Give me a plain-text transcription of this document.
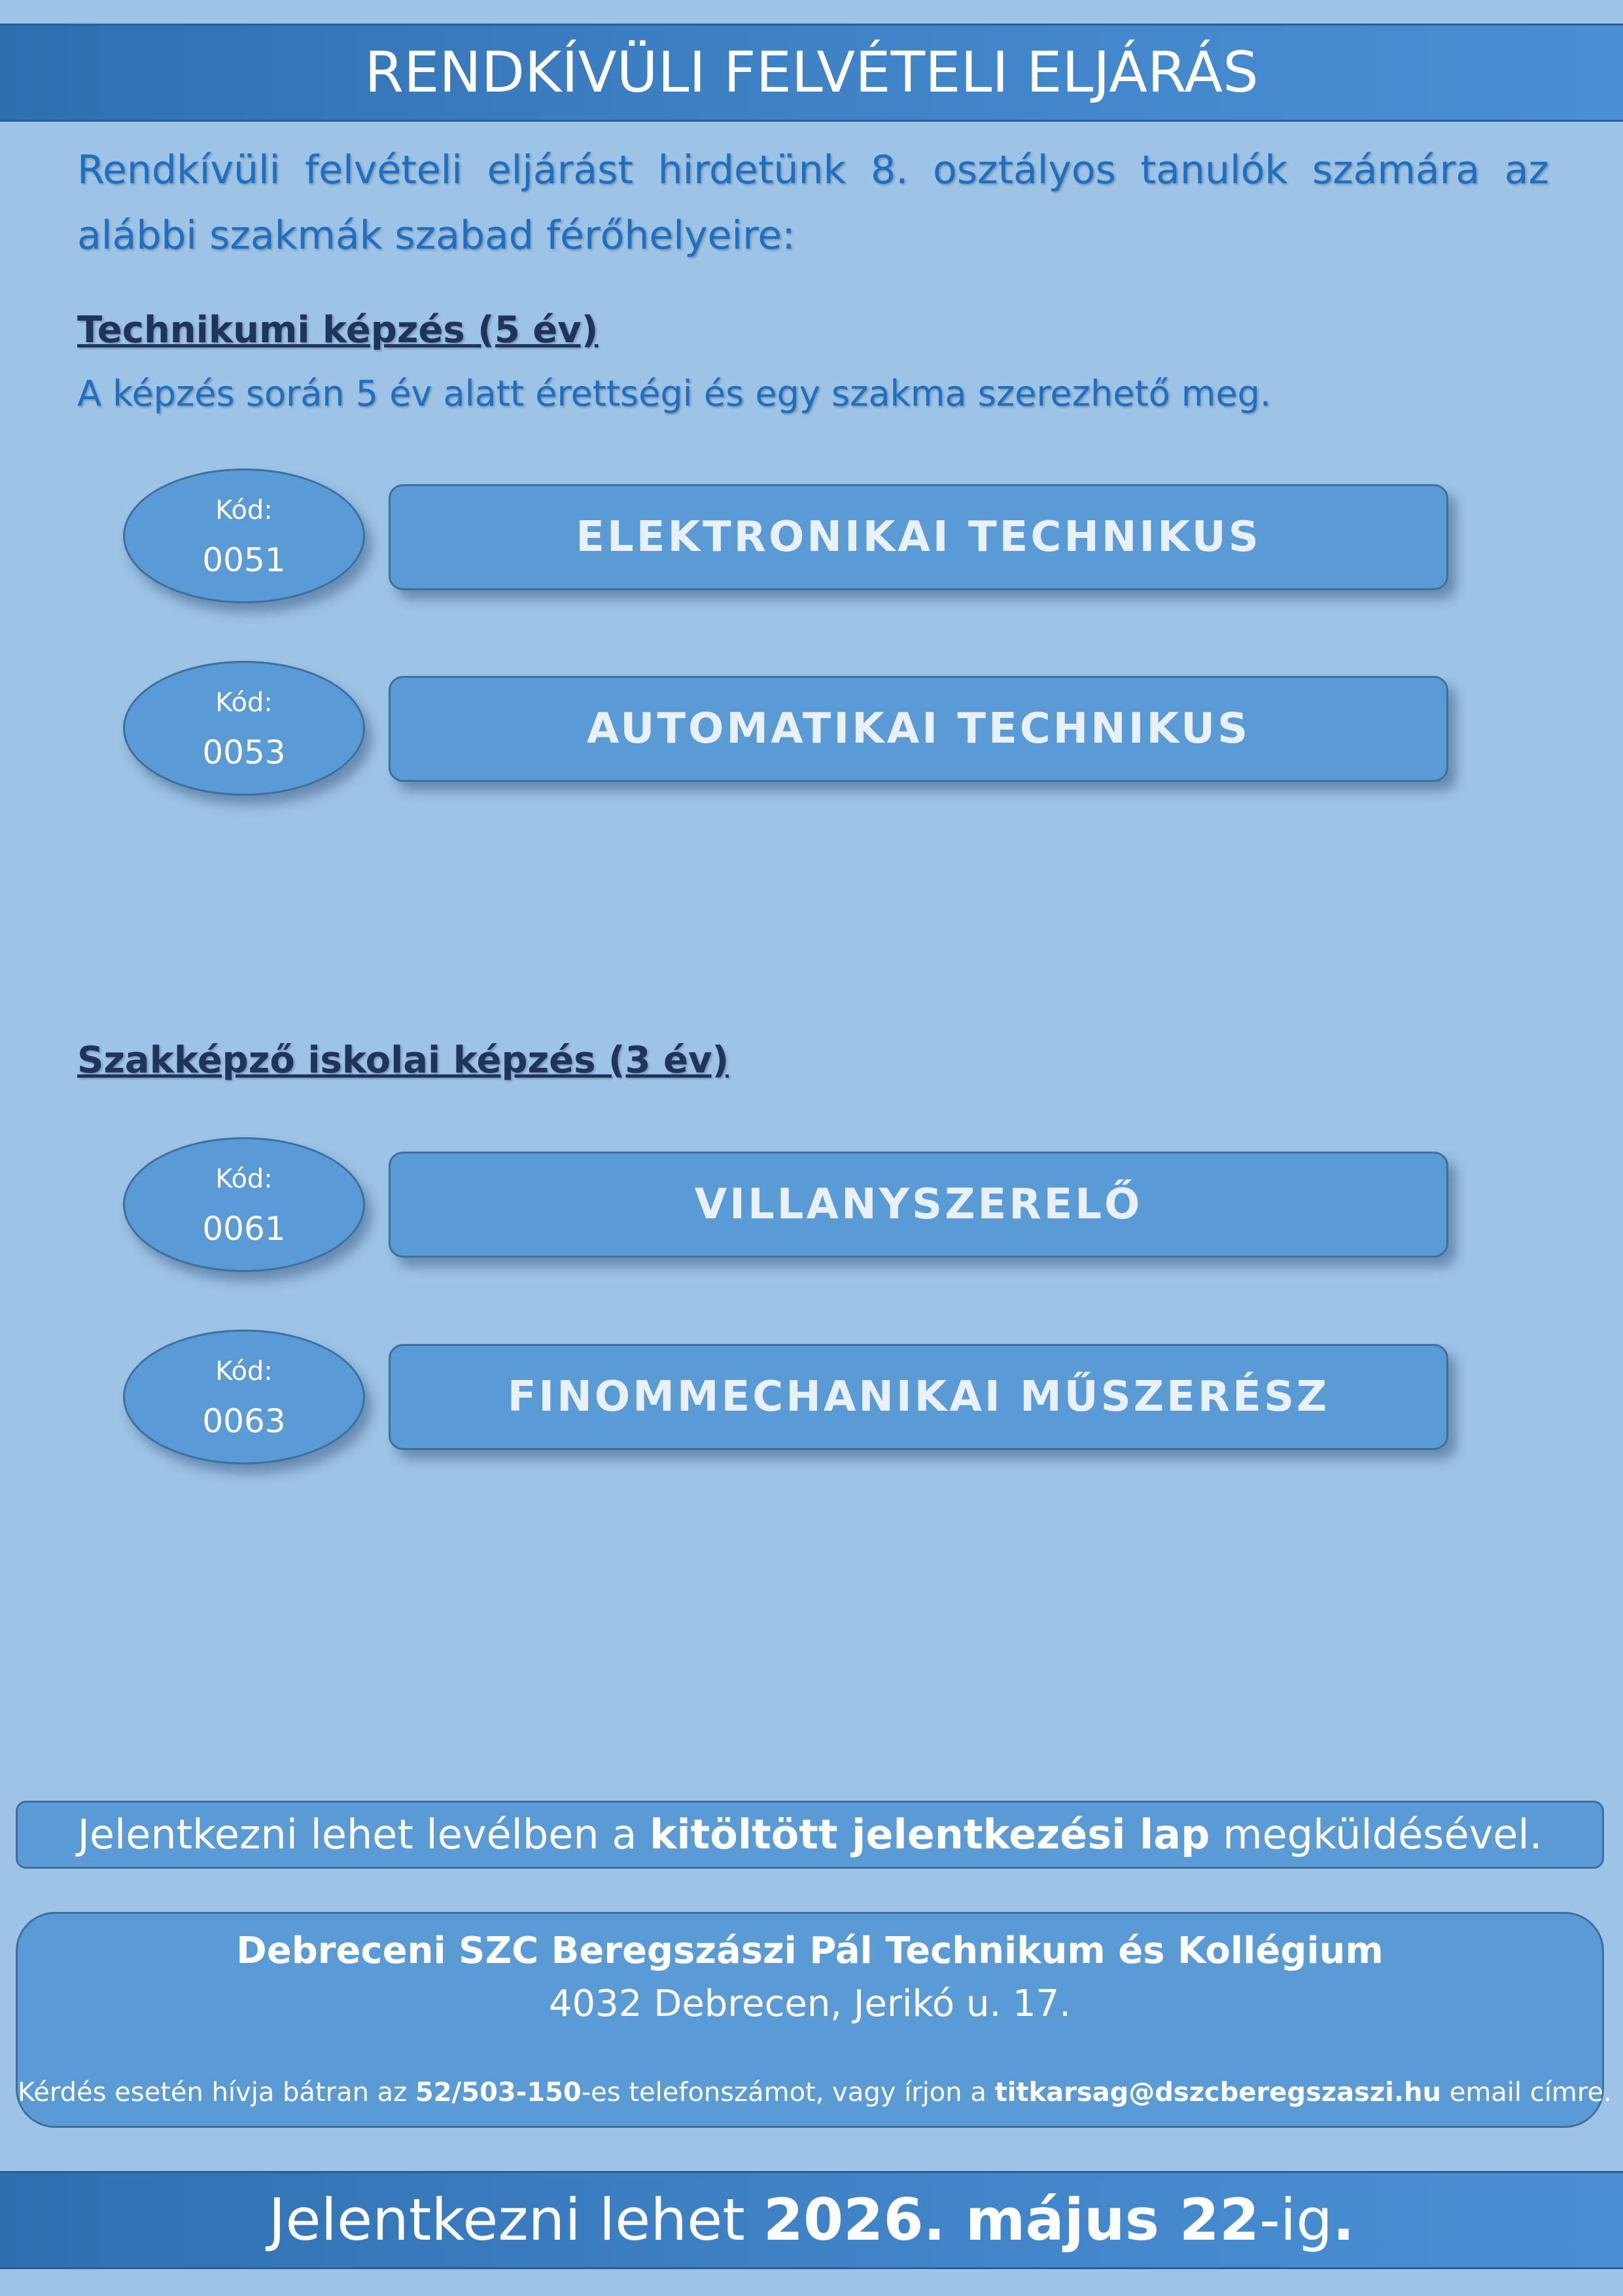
RENDKÍVÜLI FELVÉTELI ELJÁRÁS
Rendkívüli felvételi eljárást hirdetünk 8. osztályos tanulók számára az alábbi szakmák szabad férőhelyeire:
Technikumi képzés (5 év)
A képzés során 5 év alatt érettségi és egy szakma szerezhető meg.
Kód:
0051	ELEKTRONIKAI TECHNIKUS
Kód:
0053	AUTOMATIKAI TECHNIKUS
Szakképző iskolai képzés (3 év)
Kód:
0061	VILLANYSZERELŐ
Kód:
0063	FINOMMECHANIKAI MŰSZERÉSZ
Jelentkezni lehet levélben a kitöltött jelentkezési lap megküldésével.
Debreceni SZC Beregszászi Pál Technikum és Kollégium
4032 Debrecen, Jerikó u. 17.
Kérdés esetén hívja bátran az 52/503-150-es telefonszámot, vagy írjon a titkarsag@dszcberegszaszi.hu email címre.
Jelentkezni lehet 2026. május 22-ig.
